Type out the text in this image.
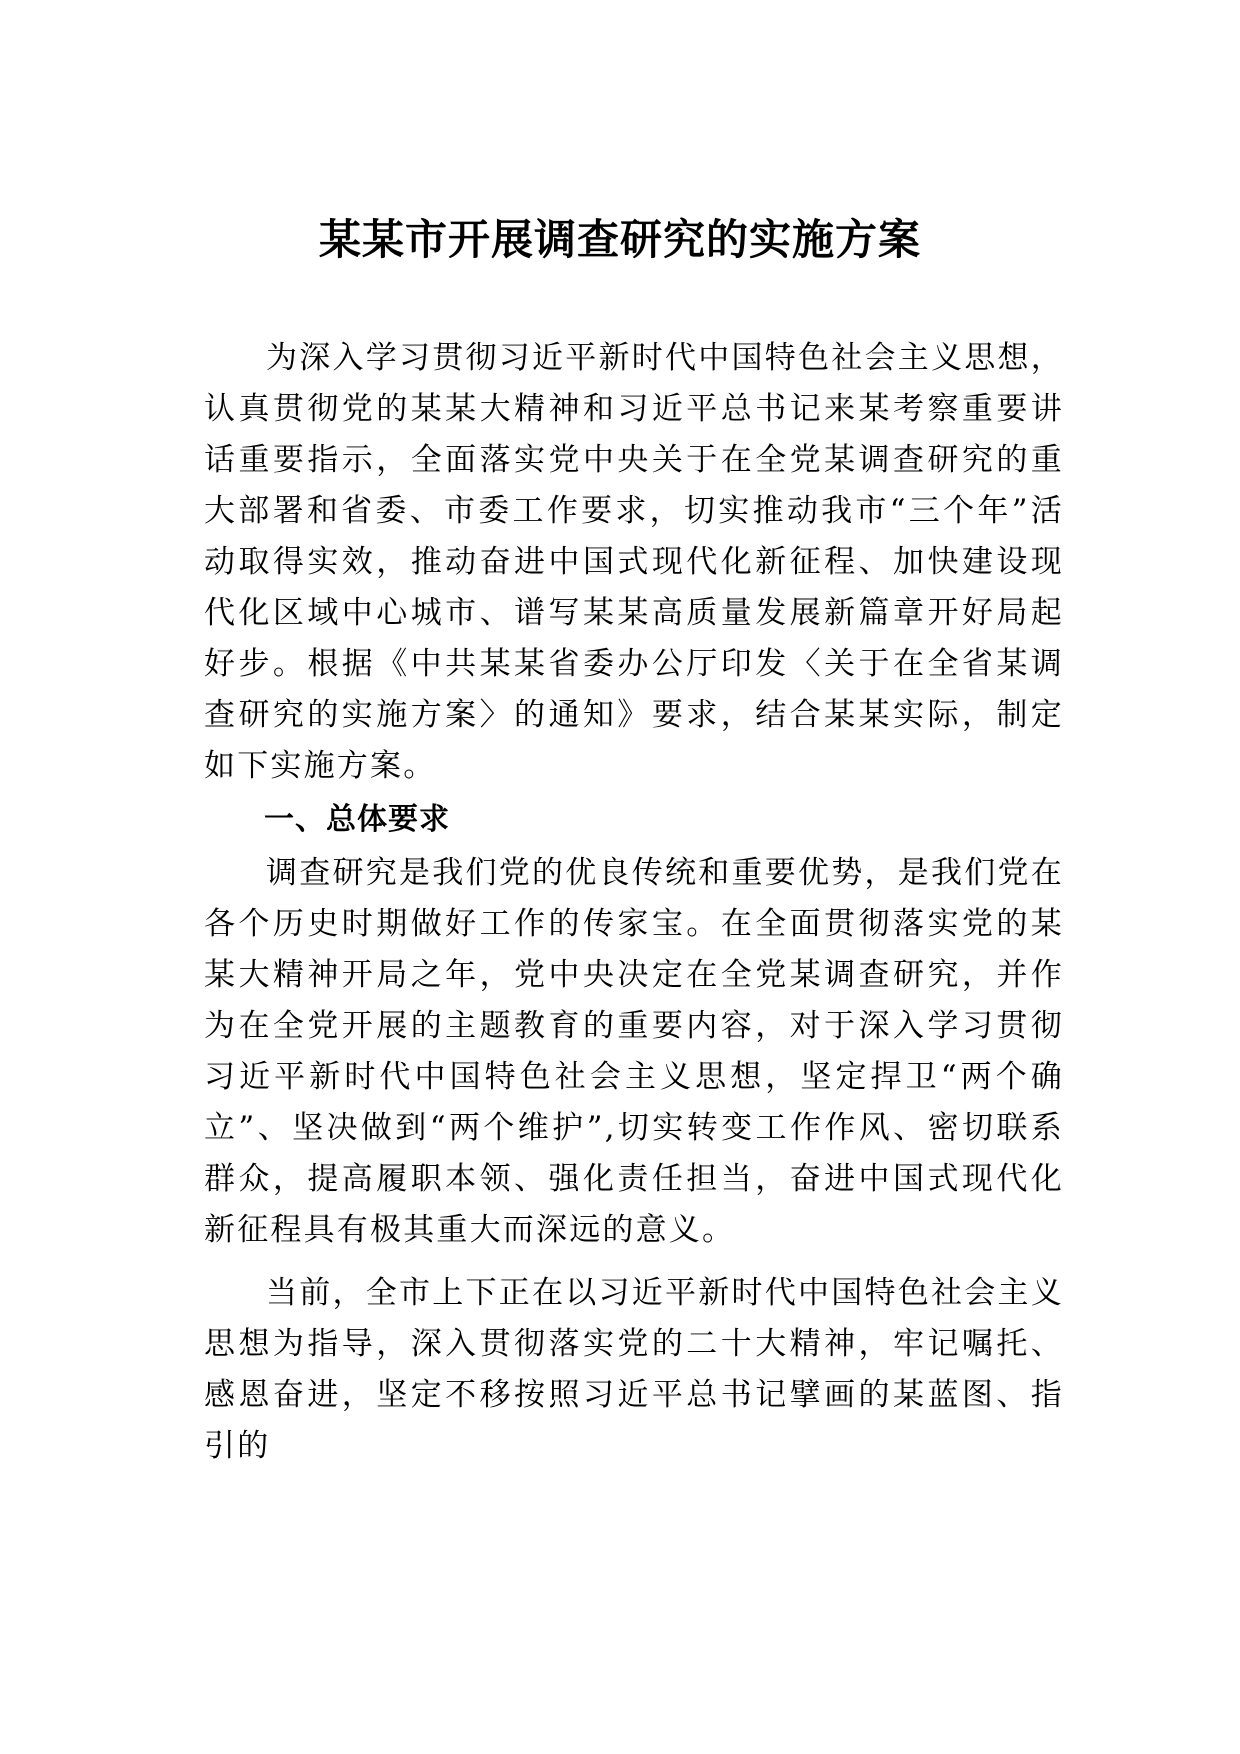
某某市开展调查研究的实施方案

为深入学习贯彻习近平新时代中国特色社会主义思想，认真贯彻党的某某大精神和习近平总书记来某考察重要讲话重要指示，全面落实党中央关于在全党某调查研究的重大部署和省委、市委工作要求，切实推动我市“三个年”活动取得实效，推动奋进中国式现代化新征程、加快建设现代化区域中心城市、谱写某某高质量发展新篇章开好局起好步。根据《中共某某省委办公厅印发〈关于在全省某调查研究的实施方案〉的通知》要求，结合某某实际，制定如下实施方案。

一、总体要求

调查研究是我们党的优良传统和重要优势，是我们党在各个历史时期做好工作的传家宝。在全面贯彻落实党的某某大精神开局之年，党中央决定在全党某调查研究，并作为在全党开展的主题教育的重要内容，对于深入学习贯彻习近平新时代中国特色社会主义思想，坚定捍卫“两个确立”、坚决做到“两个维护”,切实转变工作作风、密切联系群众，提高履职本领、强化责任担当，奋进中国式现代化新征程具有极其重大而深远的意义。

当前，全市上下正在以习近平新时代中国特色社会主义思想为指导，深入贯彻落实党的二十大精神，牢记嘱托、感恩奋进，坚定不移按照习近平总书记擘画的某蓝图、指引的
